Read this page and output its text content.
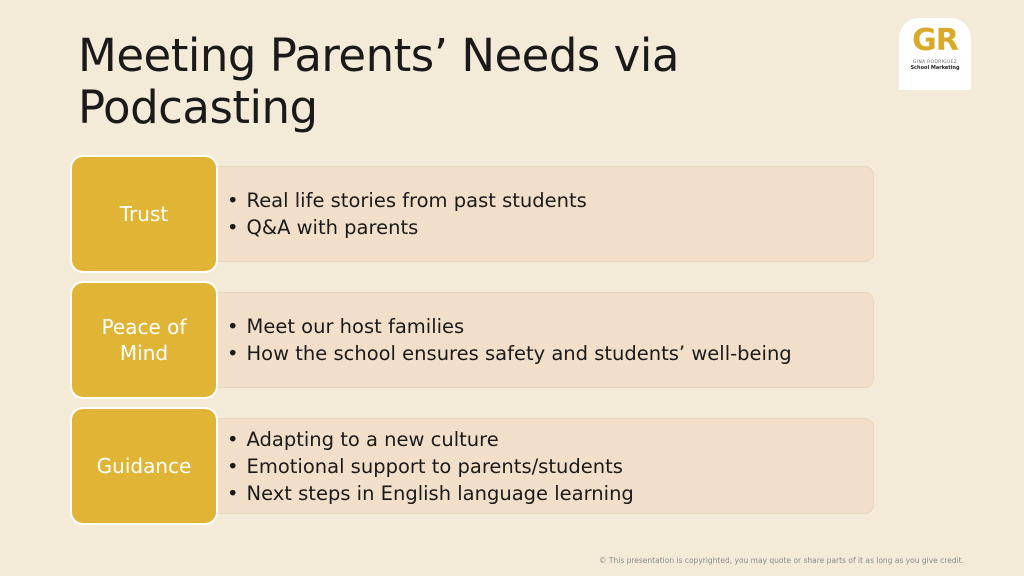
Meeting Parents’ Needs via Podcasting
GR
GINA RODRIGUEZ
School Marketing
Trust
• Real life stories from past students
• Q&A with parents
Peace of Mind
• Meet our host families
• How the school ensures safety and students’ well-being
Guidance
• Adapting to a new culture
• Emotional support to parents/students
• Next steps in English language learning
© This presentation is copyrighted, you may quote or share parts of it as long as you give credit.
